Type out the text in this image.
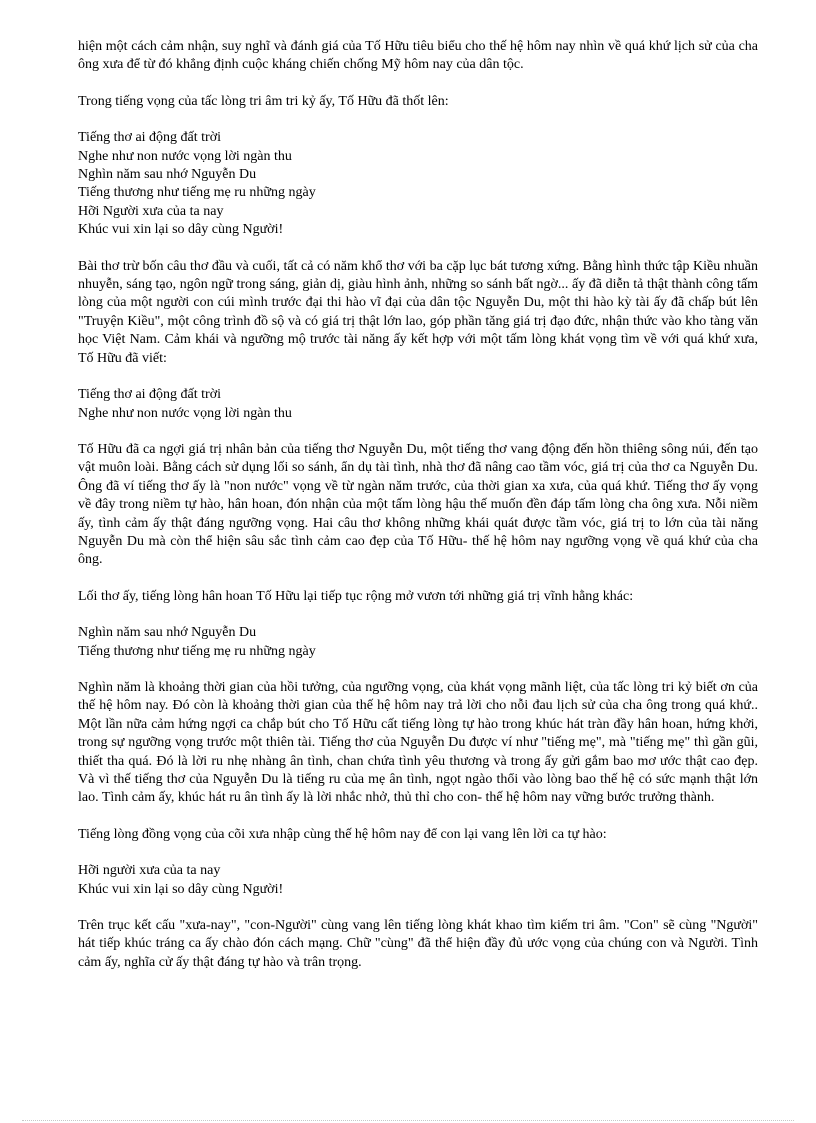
hiện một cách cảm nhận, suy nghĩ và đánh giá của Tố Hữu tiêu biểu cho thế hệ hôm nay nhìn về quá khứ lịch sử của cha ông xưa để từ đó khẳng định cuộc kháng chiến chống Mỹ hôm nay của dân tộc.

Trong tiếng vọng của tấc lòng tri âm tri kỷ ấy, Tố Hữu đã thốt lên:

Tiếng thơ ai động đất trời
Nghe như non nước vọng lời ngàn thu
Nghìn năm sau nhớ Nguyễn Du
Tiếng thương như tiếng mẹ ru những ngày
Hỡi Người xưa của ta nay
Khúc vui xin lại so dây cùng Người!

Bài thơ trừ bốn câu thơ đầu và cuối, tất cả có năm khổ thơ với ba cặp lục bát tương xứng. Bằng hình thức tập Kiều nhuần nhuyễn, sáng tạo, ngôn ngữ trong sáng, giản dị, giàu hình ảnh, những so sánh bất ngờ... ấy đã diễn tả thật thành công tấm lòng của một người con cúi mình trước đại thi hào vĩ đại của dân tộc Nguyễn Du, một thi hào kỳ tài ấy đã chấp bút lên "Truyện Kiều", một công trình đồ sộ và có giá trị thật lớn lao, góp phần tăng giá trị đạo đức, nhận thức vào kho tàng văn học Việt Nam. Cảm khái và ngưỡng mộ trước tài năng ấy kết hợp với một tấm lòng khát vọng tìm về với quá khứ xưa, Tố Hữu đã viết:

Tiếng thơ ai động đất trời
Nghe như non nước vọng lời ngàn thu

Tố Hữu đã ca ngợi giá trị nhân bản của tiếng thơ Nguyễn Du, một tiếng thơ vang động đến hồn thiêng sông núi, đến tạo vật muôn loài. Bằng cách sử dụng lối so sánh, ẩn dụ tài tình, nhà thơ đã nâng cao tầm vóc, giá trị của thơ ca Nguyễn Du. Ông đã ví tiếng thơ ấy là "non nước" vọng về từ ngàn năm trước, của thời gian xa xưa, của quá khứ. Tiếng thơ ấy vọng về đây trong niềm tự hào, hân hoan, đón nhận của một tấm lòng hậu thế muốn đền đáp tấm lòng cha ông xưa. Nỗi niềm ấy, tình cảm ấy thật đáng ngưỡng vọng. Hai câu thơ không những khái quát được tầm vóc, giá trị to lớn của tài năng Nguyễn Du mà còn thể hiện sâu sắc tình cảm cao đẹp của Tố Hữu- thế hệ hôm nay ngưỡng vọng về quá khứ của cha ông.

Lối thơ ấy, tiếng lòng hân hoan Tố Hữu lại tiếp tục rộng mở vươn tới những giá trị vĩnh hằng khác:

Nghìn năm sau nhớ Nguyễn Du
Tiếng thương như tiếng mẹ ru những ngày

Nghìn năm là khoảng thời gian của hồi tưởng, của ngưỡng vọng, của khát vọng mãnh liệt, của tấc lòng tri kỷ biết ơn của thế hệ hôm nay. Đó còn là khoảng thời gian của thế hệ hôm nay trả lời cho nỗi đau lịch sử của cha ông trong quá khứ.. Một lần nữa cảm hứng ngợi ca chắp bút cho Tố Hữu cất tiếng lòng tự hào trong khúc hát tràn đầy hân hoan, hứng khởi, trong sự ngưỡng vọng trước một thiên tài. Tiếng thơ của Nguyễn Du được ví như "tiếng mẹ", mà "tiếng mẹ" thì gần gũi, thiết tha quá. Đó là lời ru nhẹ nhàng ân tình, chan chứa tình yêu thương và trong ấy gửi gắm bao mơ ước thật cao đẹp. Và vì thế tiếng thơ của Nguyễn Du là tiếng ru của mẹ ân tình, ngọt ngào thổi vào lòng bao thế hệ có sức mạnh thật lớn lao. Tình cảm ấy, khúc hát ru ân tình ấy là lời nhắc nhở, thủ thỉ cho con- thế hệ hôm nay vững bước trưởng thành.

Tiếng lòng đồng vọng của cõi xưa nhập cùng thế hệ hôm nay để con lại vang lên lời ca tự hào:

Hỡi người xưa của ta nay
Khúc vui xin lại so dây cùng Người!

Trên trục kết cấu "xưa-nay", "con-Người" cùng vang lên tiếng lòng khát khao tìm kiếm tri âm. "Con" sẽ cùng "Người" hát tiếp khúc tráng ca ấy chào đón cách mạng. Chữ "cùng" đã thể hiện đầy đủ ước vọng của chúng con và Người. Tình cảm ấy, nghĩa cử ấy thật đáng tự hào và trân trọng.
